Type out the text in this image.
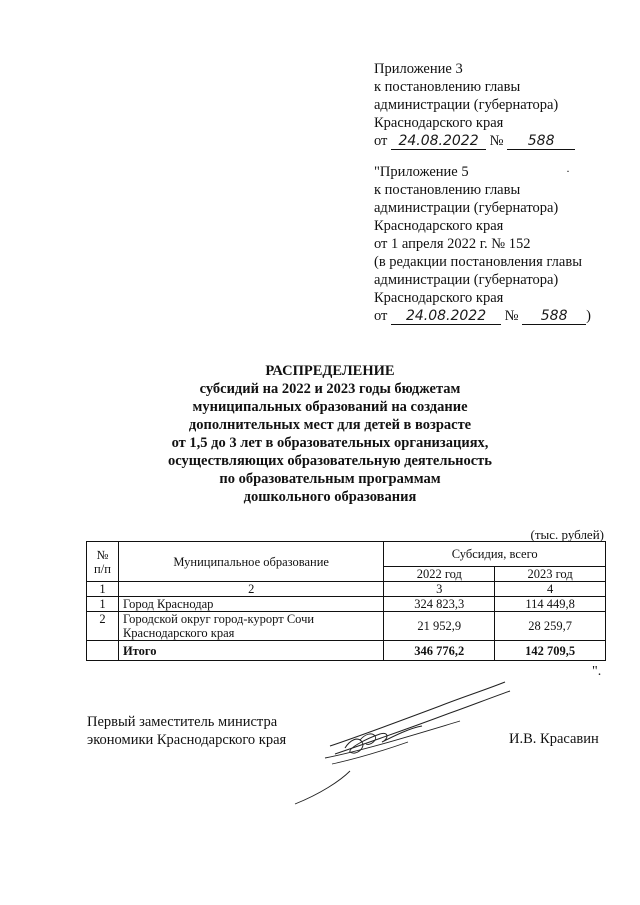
Приложение 3
к постановлению главы
администрации (губернатора)
Краснодарского края
от 24.08.2022 № 588
·
"Приложение 5
к постановлению главы
администрации (губернатора)
Краснодарского края
от 1 апреля 2022 г. № 152
(в редакции постановления главы
администрации (губернатора)
Краснодарского края
от 24.08.2022 № 588 )
РАСПРЕДЕЛЕНИЕ
субсидий на 2022 и 2023 годы бюджетам
муниципальных образований на создание
дополнительных мест для детей в возрасте
от 1,5 до 3 лет в образовательных организациях,
осуществляющих образовательную деятельность
по образовательным программам
дошкольного образования
(тыс. рублей)
№ п/п	Муниципальное образование	Субсидия, всего	
		2022 год	2023 год
1	2	3	4
1	Город Краснодар	324 823,3	114 449,8
2	Городской округ город-курорт Сочи
Краснодарского края	21 952,9	28 259,7
	Итого	346 776,2	142 709,5
".
Первый заместитель министра
экономики Краснодарского края	И.В. Красавин
